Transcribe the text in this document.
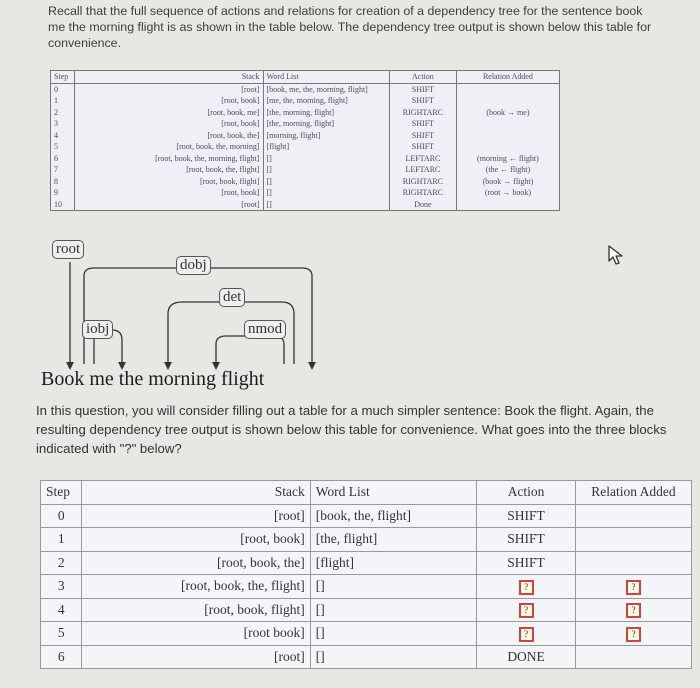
Recall that the full sequence of actions and relations for creation of a dependency tree for the sentence book me the morning flight is as shown in the table below. The dependency tree output is shown below this table for convenience.
Step	Stack	Word List	Action	Relation Added
0	[root]	[book, me, the, morning, flight]	SHIFT	
1	[root, book]	[me, the, morning, flight]	SHIFT	
2	[root, book, me]	[the, morning, flight]	RIGHTARC	(book → me)
3	[root, book]	[the, morning, flight]	SHIFT	
4	[root, book, the]	[morning, flight]	SHIFT	
5	[root, book, the, morning]	[flight]	SHIFT	
6	[root, book, the, morning, flight]	[]	LEFTARC	(morning ← flight)
7	[root, book, the, flight]	[]	LEFTARC	(the ← flight)
8	[root, book, flight]	[]	RIGHTARC	(book → flight)
9	[root, book]	[]	RIGHTARC	(root → book)
10	[root]	[]	Done	
root
dobj
det
iobj	nmod
Book me the morning flight
In this question, you will consider filling out a table for a much simpler sentence: Book the flight. Again, the resulting dependency tree output is shown below this table for convenience. What goes into the three blocks indicated with "?" below?
Step	Stack	Word List	Action	Relation Added
0	[root]	[book, the, flight]	SHIFT	
1	[root, book]	[the, flight]	SHIFT	
2	[root, book, the]	[flight]	SHIFT	
3	[root, book, the, flight]	[]	?	?
4	[root, book, flight]	[]	?	?
5	[root book]	[]	?	?
6	[root]	[]	DONE	
